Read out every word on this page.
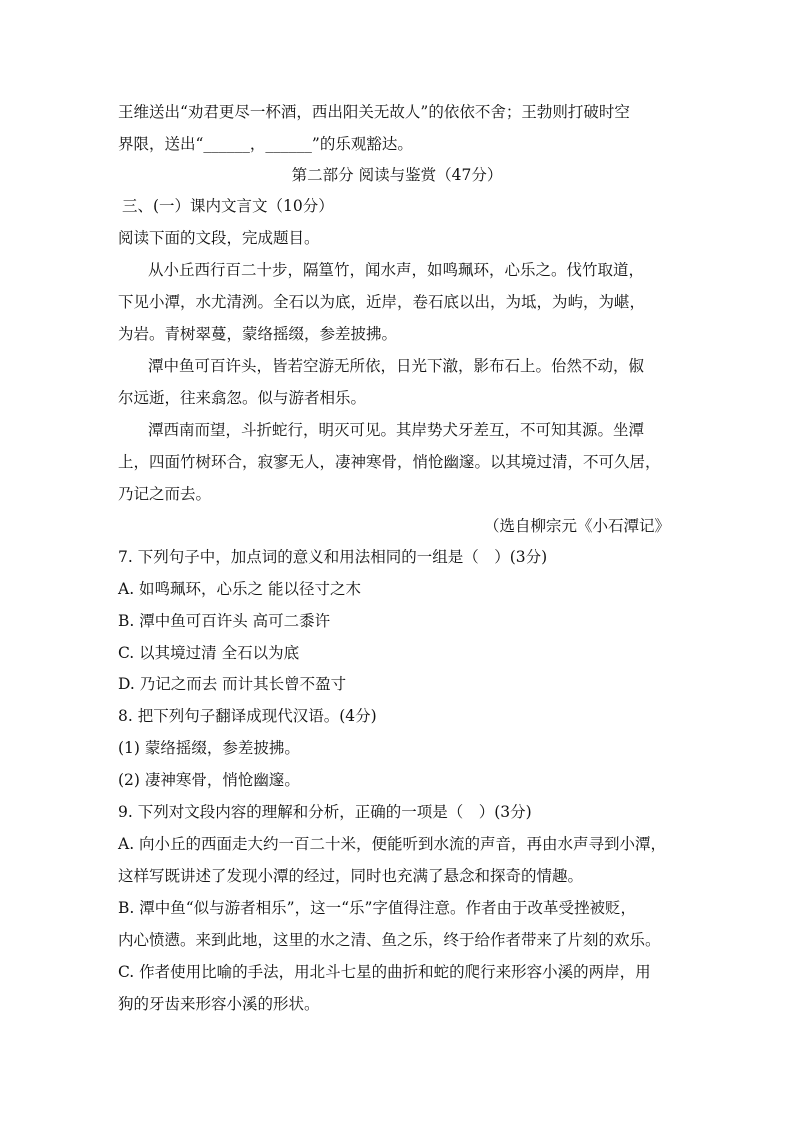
王维送出“劝君更尽一杯酒，西出阳关无故人”的依依不舍；王勃则打破时空
界限，送出“______，______”的乐观豁达。
第二部分 阅读与鉴赏（47分）
三、(一）课内文言文（10分）
阅读下面的文段，完成题目。
从小丘西行百二十步，隔篁竹，闻水声，如鸣珮环，心乐之。伐竹取道，
下见小潭，水尤清洌。全石以为底，近岸，卷石底以出，为坻，为屿，为嵁，
为岩。青树翠蔓，蒙络摇缀，参差披拂。
潭中鱼可百许头，皆若空游无所依，日光下澈，影布石上。佁然不动，俶
尔远逝，往来翕忽。似与游者相乐。
潭西南而望，斗折蛇行，明灭可见。其岸势犬牙差互，不可知其源。坐潭
上，四面竹树环合，寂寥无人，凄神寒骨，悄怆幽邃。以其境过清，不可久居，
乃记之而去。
（选自柳宗元《小石潭记》
7. 下列句子中，加点词的意义和用法相同的一组是（　）(3分)
A. 如鸣珮环，心乐之 能以径寸之木
B. 潭中鱼可百许头 高可二黍许
C. 以其境过清 全石以为底
D. 乃记之而去 而计其长曾不盈寸
8. 把下列句子翻译成现代汉语。(4分)
(1) 蒙络摇缀，参差披拂。
(2) 凄神寒骨，悄怆幽邃。
9. 下列对文段内容的理解和分析，正确的一项是（　）(3分)
A. 向小丘的西面走大约一百二十米，便能听到水流的声音，再由水声寻到小潭，
这样写既讲述了发现小潭的经过，同时也充满了悬念和探奇的情趣。
B. 潭中鱼“似与游者相乐”，这一“乐”字值得注意。作者由于改革受挫被贬，
内心愤懑。来到此地，这里的水之清、鱼之乐，终于给作者带来了片刻的欢乐。
C. 作者使用比喻的手法，用北斗七星的曲折和蛇的爬行来形容小溪的两岸，用
狗的牙齿来形容小溪的形状。
